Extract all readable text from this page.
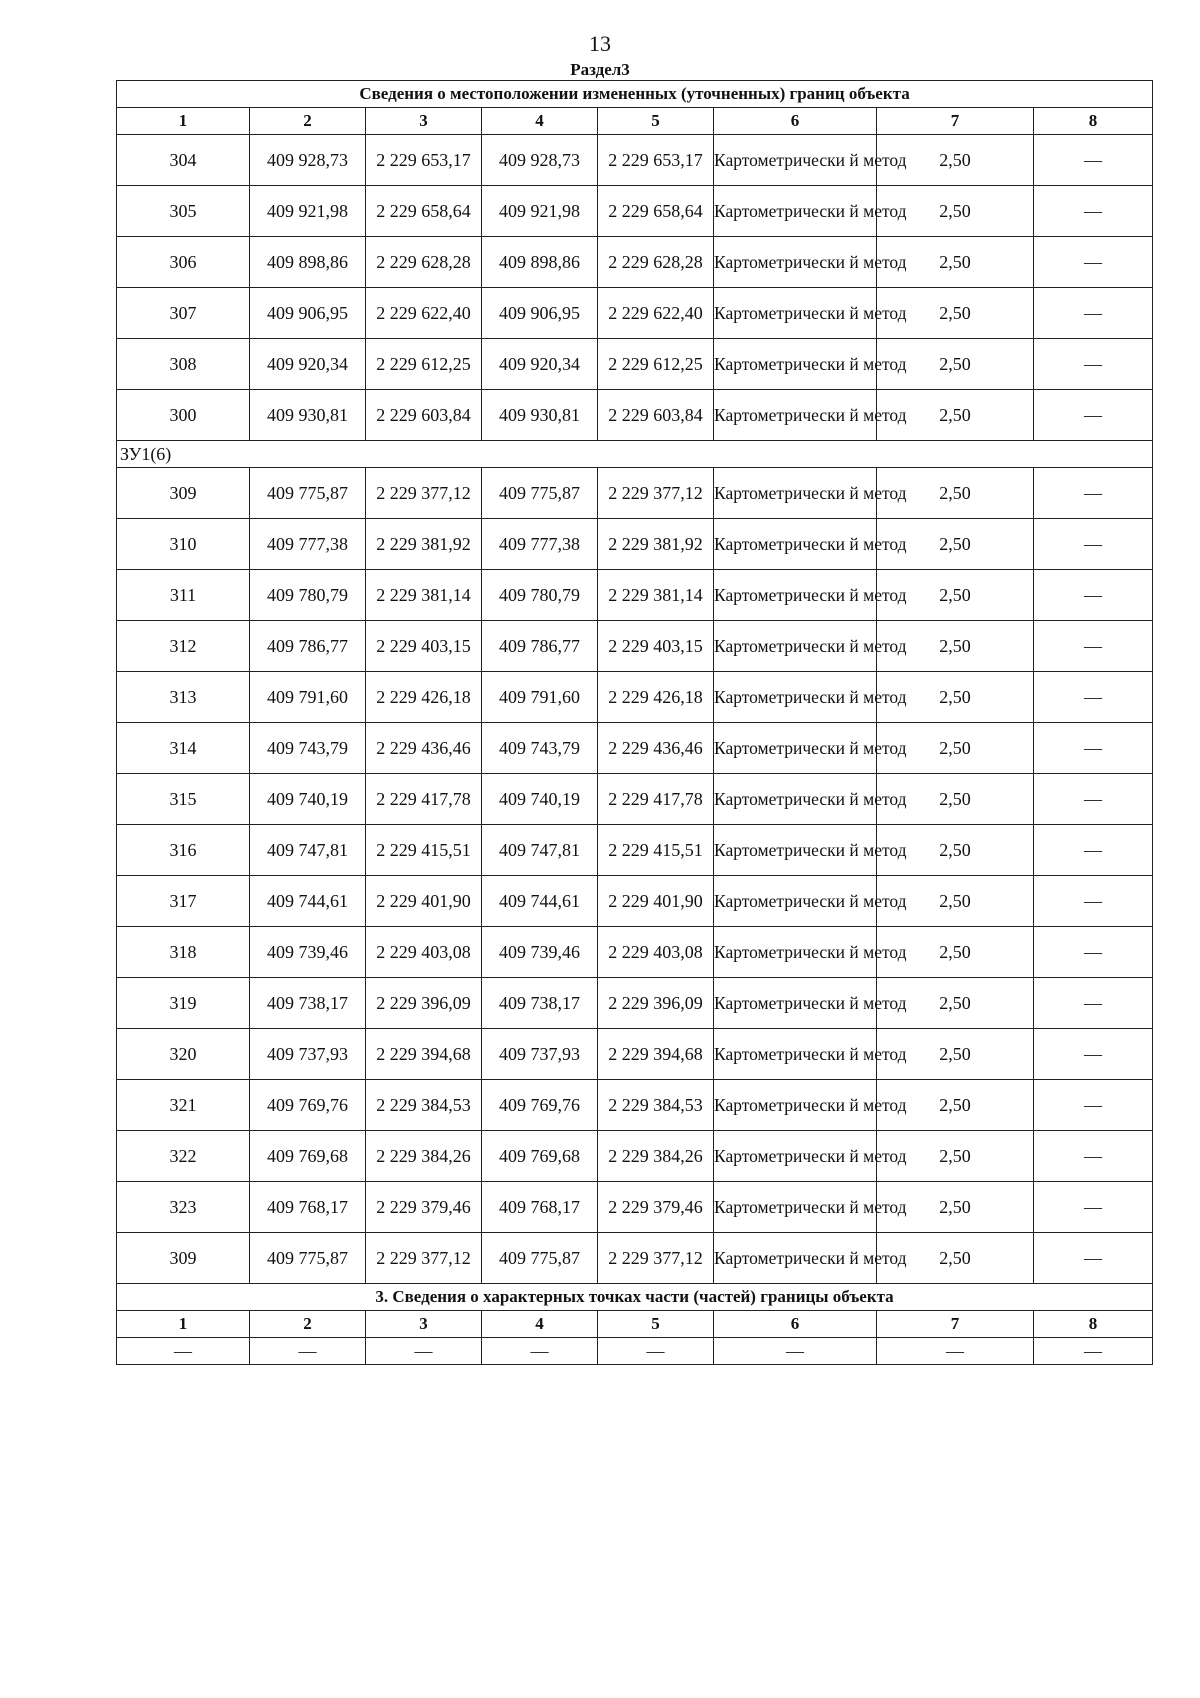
13
Раздел3
Сведения о местоположении измененных (уточненных) границ объекта							
1	2	3	4	5	6	7	8
304	409 928,73	2 229 653,17	409 928,73	2 229 653,17	Картометрически й метод	2,50	—
305	409 921,98	2 229 658,64	409 921,98	2 229 658,64	Картометрически й метод	2,50	—
306	409 898,86	2 229 628,28	409 898,86	2 229 628,28	Картометрически й метод	2,50	—
307	409 906,95	2 229 622,40	409 906,95	2 229 622,40	Картометрически й метод	2,50	—
308	409 920,34	2 229 612,25	409 920,34	2 229 612,25	Картометрически й метод	2,50	—
300	409 930,81	2 229 603,84	409 930,81	2 229 603,84	Картометрически й метод	2,50	—
ЗУ1(6)							
309	409 775,87	2 229 377,12	409 775,87	2 229 377,12	Картометрически й метод	2,50	—
310	409 777,38	2 229 381,92	409 777,38	2 229 381,92	Картометрически й метод	2,50	—
311	409 780,79	2 229 381,14	409 780,79	2 229 381,14	Картометрически й метод	2,50	—
312	409 786,77	2 229 403,15	409 786,77	2 229 403,15	Картометрически й метод	2,50	—
313	409 791,60	2 229 426,18	409 791,60	2 229 426,18	Картометрически й метод	2,50	—
314	409 743,79	2 229 436,46	409 743,79	2 229 436,46	Картометрически й метод	2,50	—
315	409 740,19	2 229 417,78	409 740,19	2 229 417,78	Картометрически й метод	2,50	—
316	409 747,81	2 229 415,51	409 747,81	2 229 415,51	Картометрически й метод	2,50	—
317	409 744,61	2 229 401,90	409 744,61	2 229 401,90	Картометрически й метод	2,50	—
318	409 739,46	2 229 403,08	409 739,46	2 229 403,08	Картометрически й метод	2,50	—
319	409 738,17	2 229 396,09	409 738,17	2 229 396,09	Картометрически й метод	2,50	—
320	409 737,93	2 229 394,68	409 737,93	2 229 394,68	Картометрически й метод	2,50	—
321	409 769,76	2 229 384,53	409 769,76	2 229 384,53	Картометрически й метод	2,50	—
322	409 769,68	2 229 384,26	409 769,68	2 229 384,26	Картометрически й метод	2,50	—
323	409 768,17	2 229 379,46	409 768,17	2 229 379,46	Картометрически й метод	2,50	—
309	409 775,87	2 229 377,12	409 775,87	2 229 377,12	Картометрически й метод	2,50	—
3. Сведения о характерных точках части (частей) границы объекта							
1	2	3	4	5	6	7	8
—	—	—	—	—	—	—	—
